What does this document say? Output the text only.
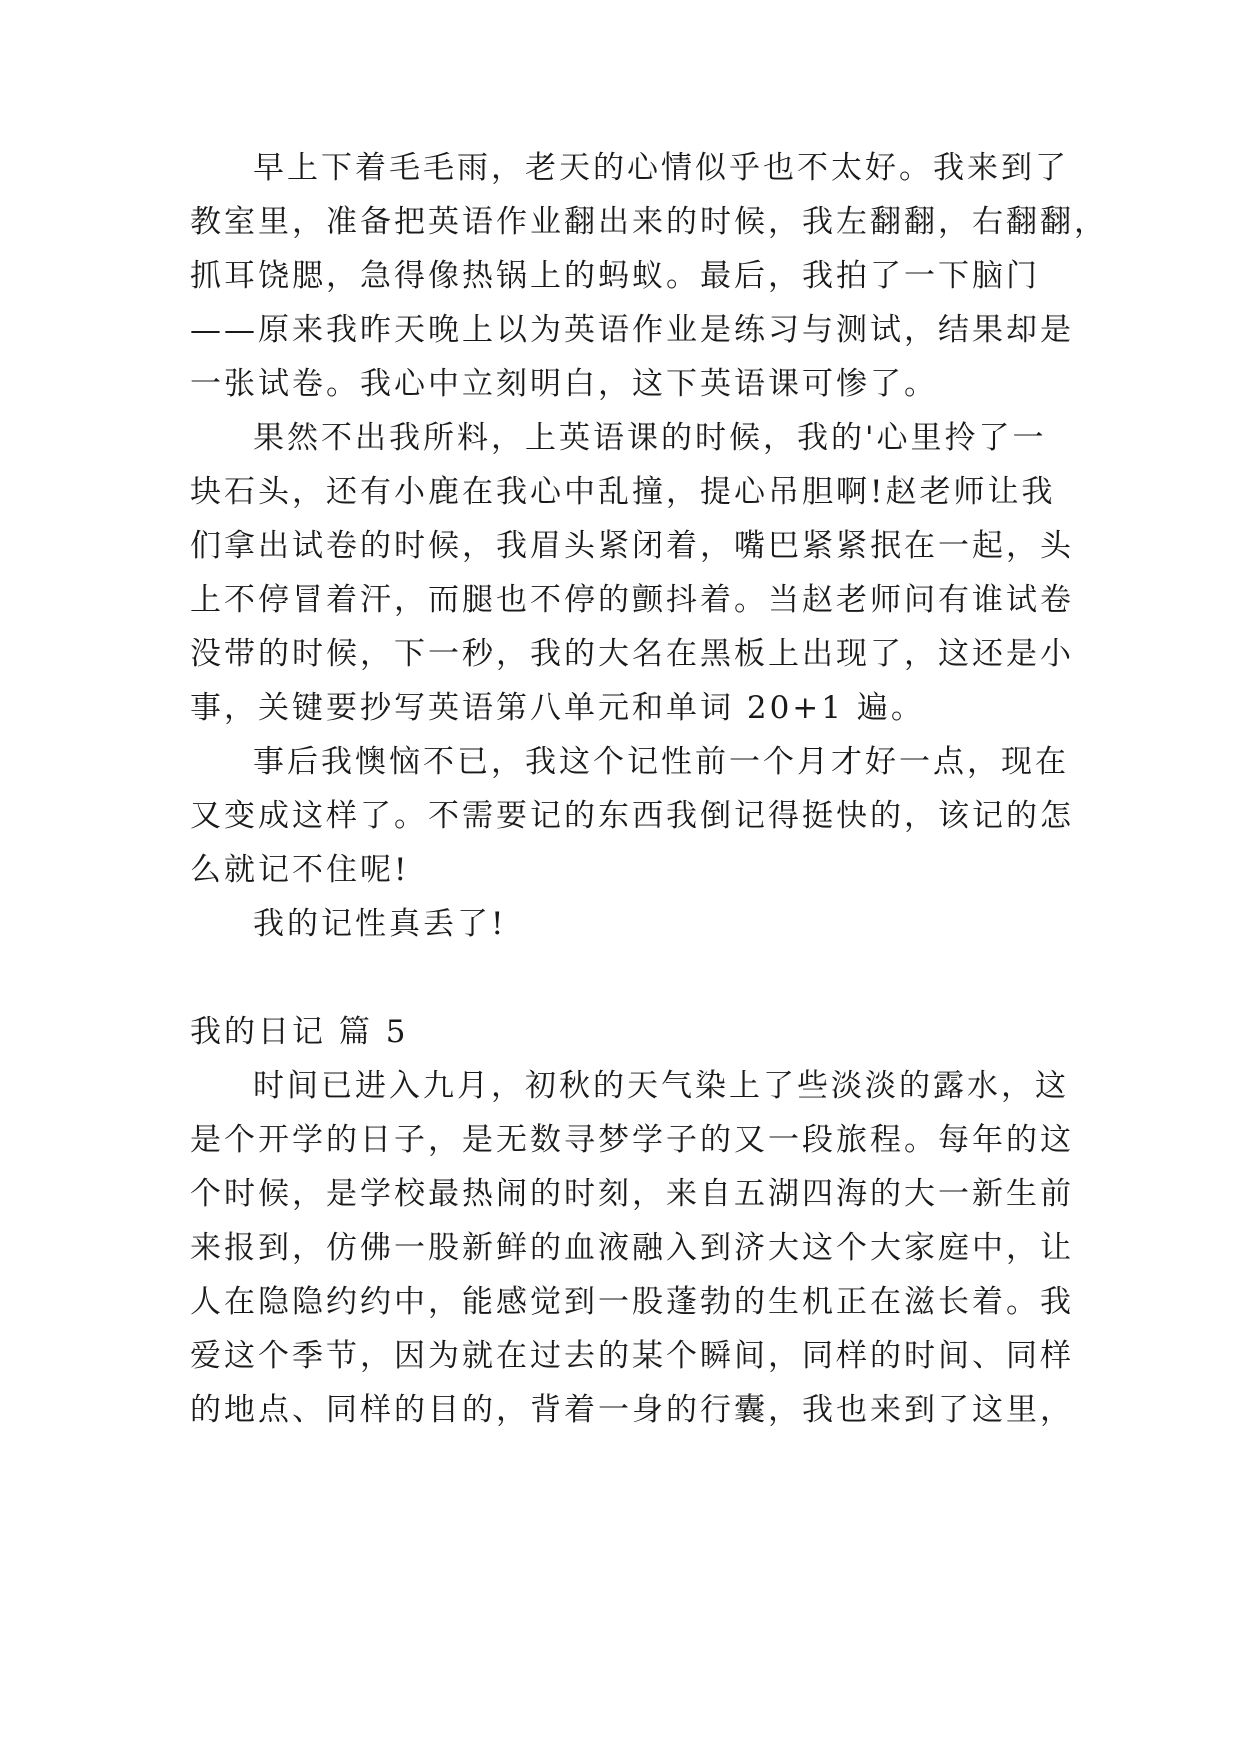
早上下着毛毛雨，老天的心情似乎也不太好。我来到了
教室里，准备把英语作业翻出来的时候，我左翻翻，右翻翻，
抓耳饶腮，急得像热锅上的蚂蚁。最后，我拍了一下脑门
——原来我昨天晚上以为英语作业是练习与测试，结果却是
一张试卷。我心中立刻明白，这下英语课可惨了。
果然不出我所料，上英语课的时候，我的'心里拎了一
块石头，还有小鹿在我心中乱撞，提心吊胆啊!赵老师让我
们拿出试卷的时候，我眉头紧闭着，嘴巴紧紧抿在一起，头
上不停冒着汗，而腿也不停的颤抖着。当赵老师问有谁试卷
没带的时候，下一秒，我的大名在黑板上出现了，这还是小
事，关键要抄写英语第八单元和单词 20+1 遍。
事后我懊恼不已，我这个记性前一个月才好一点，现在
又变成这样了。不需要记的东西我倒记得挺快的，该记的怎
么就记不住呢!
我的记性真丢了!
我的日记 篇 5
时间已进入九月，初秋的天气染上了些淡淡的露水，这
是个开学的日子，是无数寻梦学子的又一段旅程。每年的这
个时候，是学校最热闹的时刻，来自五湖四海的大一新生前
来报到，仿佛一股新鲜的血液融入到济大这个大家庭中，让
人在隐隐约约中，能感觉到一股蓬勃的生机正在滋长着。我
爱这个季节，因为就在过去的某个瞬间，同样的时间、同样
的地点、同样的目的，背着一身的行囊，我也来到了这里，
